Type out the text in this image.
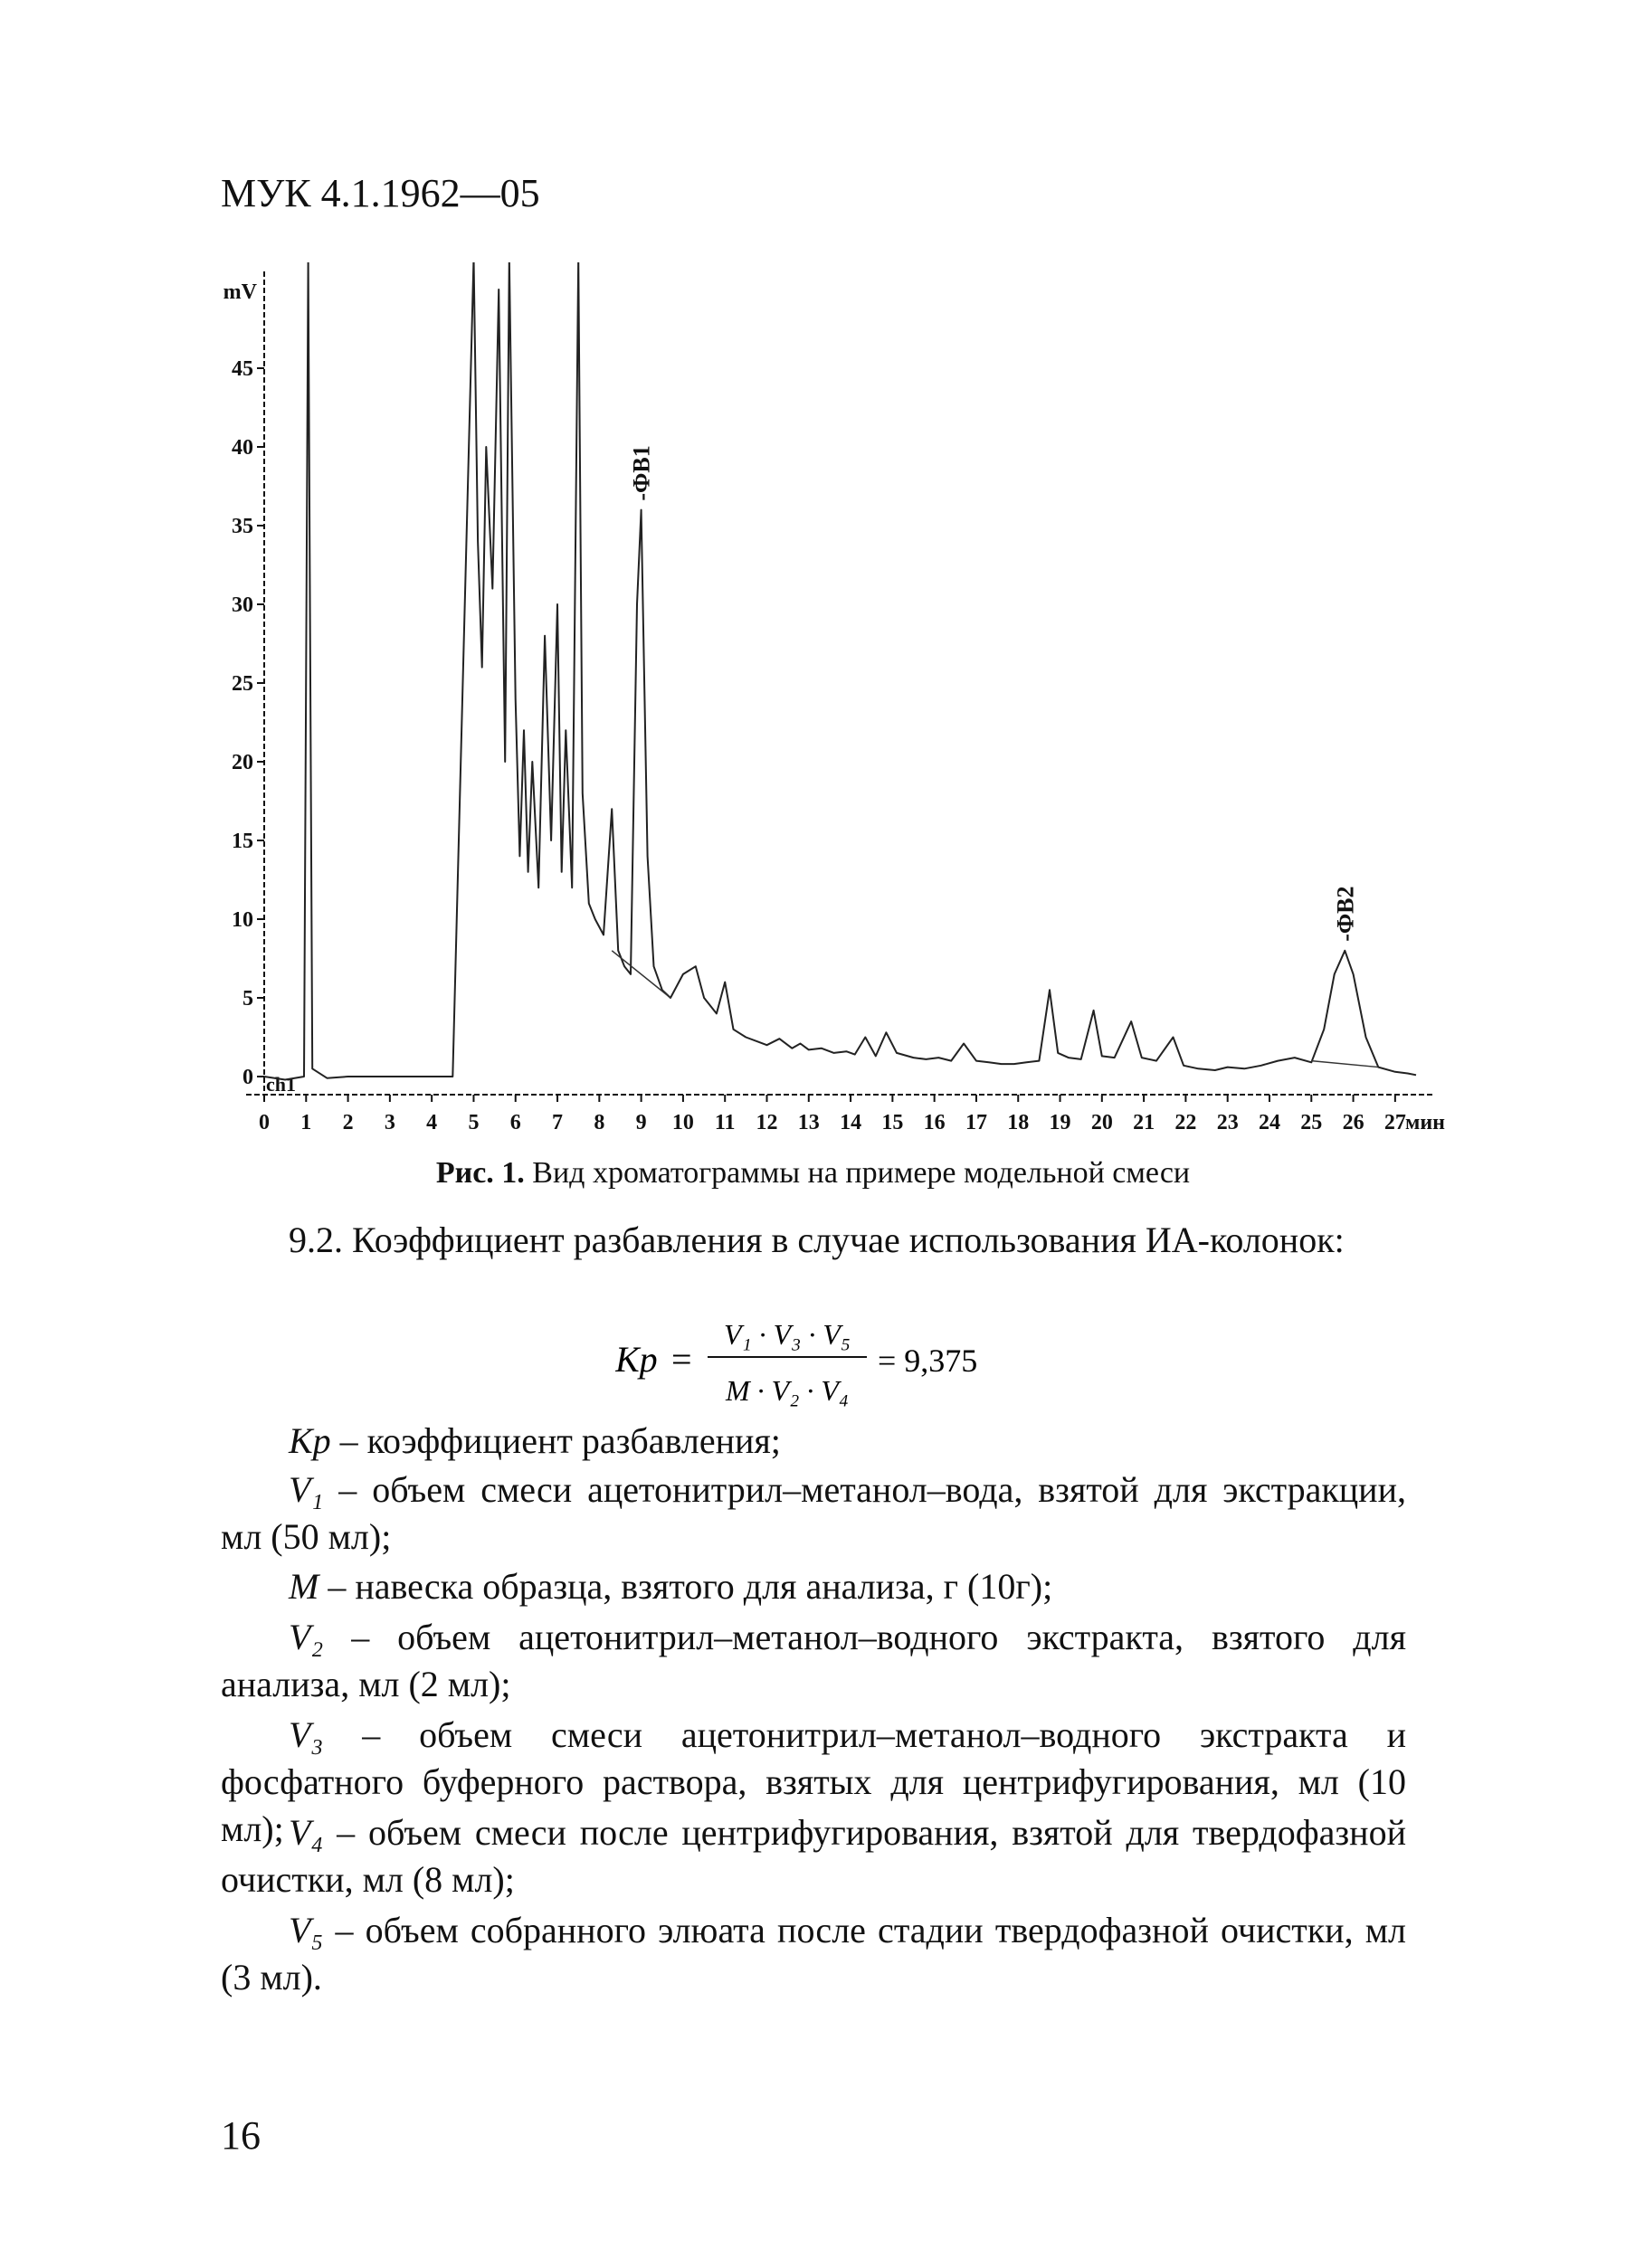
МУК 4.1.1962—05
0
5
10
15
20
25
30
35
40
45
mV
0 1 2 3 4 5 6 7 8 9 10 11 12 13 14 15 16 17 18 19 20 21 22 23 24 25 26 27 мин
ch1
-ФВ1
-ФВ2
Рис. 1. Вид хроматограммы на примере модельной смеси
9.2. Коэффициент разбавления в случае использования ИА-колонок:
Кр =
V₁ · V₃ · V₅
M · V₂ · V₄
= 9,375
Кр – коэффициент разбавления;
V₁ – объем смеси ацетонитрил–метанол–вода, взятой для экстракции, мл (50 мл);
М – навеска образца, взятого для анализа, г (10г);
V₂ – объем ацетонитрил–метанол–водного экстракта, взятого для анализа, мл (2 мл);
V₃ – объем смеси ацетонитрил–метанол–водного экстракта и фосфатного буферного раствора, взятых для центрифугирования, мл (10 мл); V₄ – объем смеси после центрифугирования, взятой для твердофазной очистки, мл (8 мл);
V₅ – объем собранного элюата после стадии твердофазной очистки, мл (3 мл).
16
